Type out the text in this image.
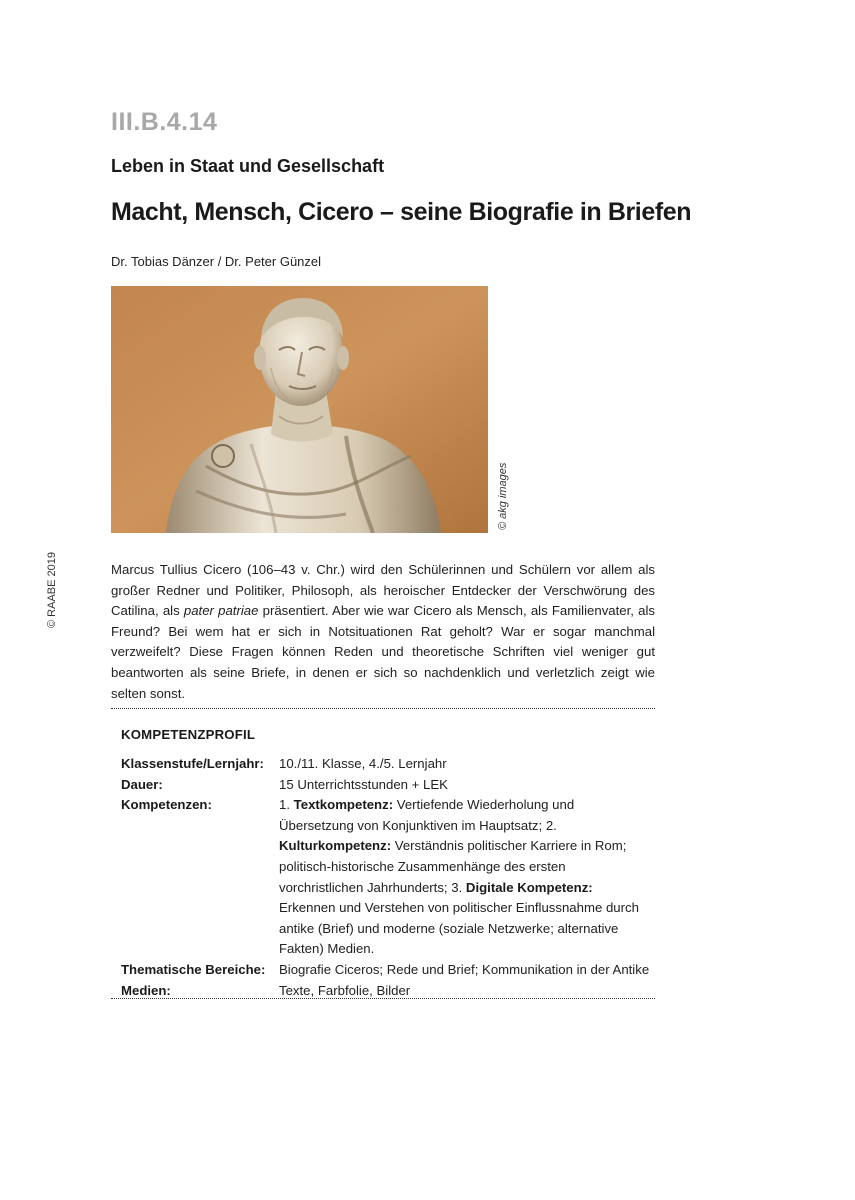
III.B.4.14
Leben in Staat und Gesellschaft
Macht, Mensch, Cicero – seine Biografie in Briefen
Dr. Tobias Dänzer / Dr. Peter Günzel
© akg images
© RAABE 2019	Marcus Tullius Cicero (106–43 v. Chr.) wird den Schülerinnen und Schülern vor allem als großer Redner und Politiker, Philosoph, als heroischer Entdecker der Verschwörung des Catilina, als pater patriae präsentiert. Aber wie war Cicero als Mensch, als Familienvater, als Freund? Bei wem hat er sich in Notsituationen Rat geholt? War er sogar manchmal verzweifelt? Diese Fragen können Reden und theoretische Schriften viel weniger gut beantworten als seine Briefe, in denen er sich so nachdenklich und verletzlich zeigt wie selten sonst.

KOMPETENZPROFIL
Klassenstufe/Lernjahr:	10./11. Klasse, 4./5. Lernjahr
Dauer:	15 Unterrichtsstunden + LEK
Kompetenzen:	1. Textkompetenz: Vertiefende Wiederholung und Übersetzung von Konjunktiven im Hauptsatz; 2. Kulturkompetenz: Verständnis politischer Karriere in Rom; politisch-historische Zusammenhänge des ersten vorchristlichen Jahrhunderts; 3. Digitale Kompetenz: Erkennen und Verstehen von politischer Einflussnahme durch antike (Brief) und moderne (soziale Netzwerke; alternative Fakten) Medien.
Thematische Bereiche:	Biografie Ciceros; Rede und Brief; Kommunikation in der Antike
Medien:	Texte, Farbfolie, Bilder
